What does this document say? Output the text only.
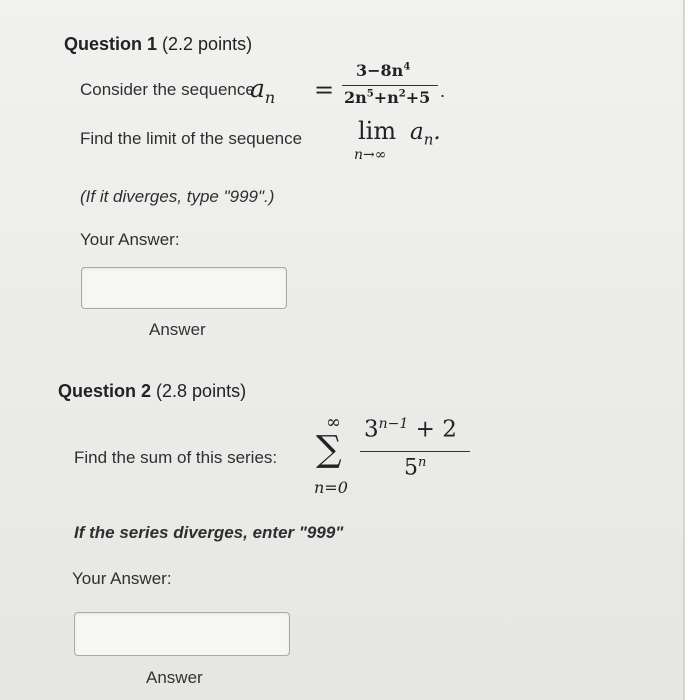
Question 1 (2.2 points)
Consider the sequence
$a_n$ =
$3-8n^4$
$2n^5+n^2+5$ .
Find the limit of the sequence lim
n→∞
$a_n$.
(If it diverges, type "999".)
Your Answer:
Answer
Question 2 (2.8 points)
Find the sum of this series:
∞
∑
n=0
$3^{n-1} + 2$
5$^n$
If the series diverges, enter "999"
Your Answer:
Answer
